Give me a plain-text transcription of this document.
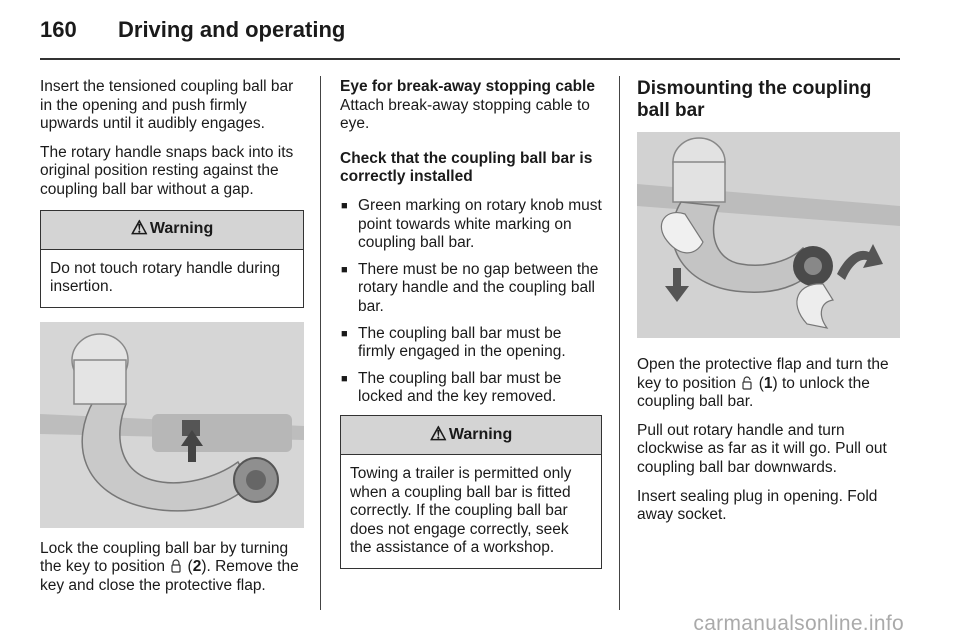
160 Driving and operating

Insert the tensioned coupling ball bar in the opening and push firmly upwards until it audibly engages.

The rotary handle snaps back into its original position resting against the coupling ball bar without a gap.

⚠ Warning
Do not touch rotary handle during insertion.

Lock the coupling ball bar by turning the key to position  (2). Remove the key and close the protective flap.

Eye for break-away stopping cable

Attach break-away stopping cable to eye.

Check that the coupling ball bar is correctly installed

■ Green marking on rotary knob must point towards white marking on coupling ball bar.
■ There must be no gap between the rotary handle and the coupling ball bar.
■ The coupling ball bar must be firmly engaged in the opening.
■ The coupling ball bar must be locked and the key removed.
⚠ Warning
Towing a trailer is permitted only when a coupling ball bar is fitted correctly. If the coupling ball bar does not engage correctly, seek the assistance of a workshop.

Dismounting the coupling ball bar

Open the protective flap and turn the key to position  (1) to unlock the coupling ball bar.

Pull out rotary handle and turn clockwise as far as it will go. Pull out coupling ball bar downwards.

Insert sealing plug in opening. Fold away socket.

carmanualsonline.info
